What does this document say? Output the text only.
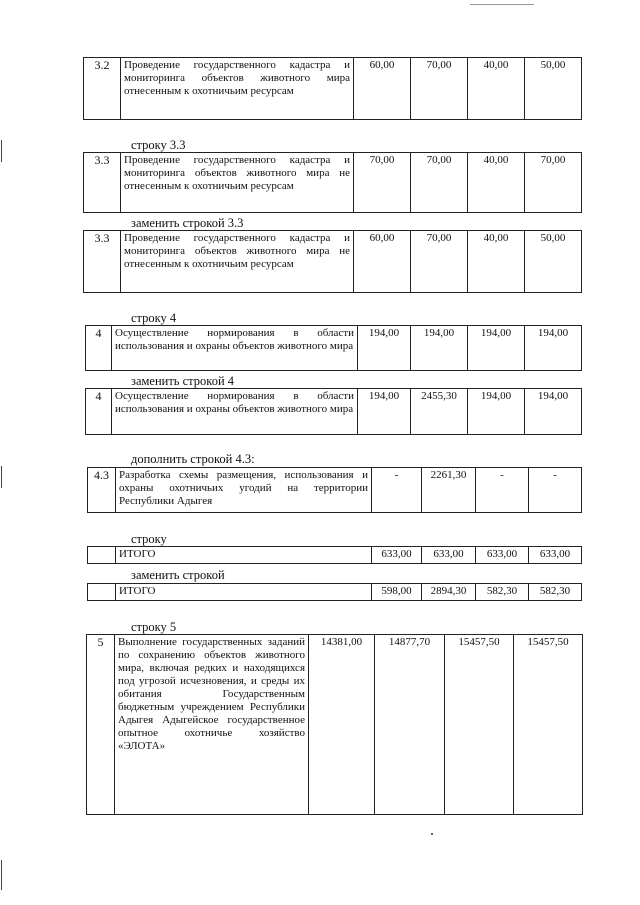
3.2	Проведение государственного кадастра и мониторинга объектов животного мира отнесенным к охотничьим ресурсам	60,00	70,00	40,00	50,00
строку 3.3
3.3	Проведение государственного кадастра и мониторинга объектов животного мира не отнесенным к охотничьим ресурсам	70,00	70,00	40,00	70,00
заменить строкой 3.3
3.3	Проведение государственного кадастра и мониторинга объектов животного мира не отнесенным к охотничьим ресурсам	60,00	70,00	40,00	50,00
строку 4
4	Осуществление нормирования в области использования и охраны объектов животного мира	194,00	194,00	194,00	194,00
заменить строкой 4
4	Осуществление нормирования в области использования и охраны объектов животного мира	194,00	2455,30	194,00	194,00
дополнить строкой 4.3:
4.3	Разработка схемы размещения, использования и охраны охотничьих угодий на территории Республики Адыгея	-	2261,30	-	-
строку
	ИТОГО	633,00	633,00	633,00	633,00
заменить строкой
	ИТОГО	598,00	2894,30	582,30	582,30
строку 5
5	Выполнение государственных заданий по сохранению объектов животного мира, включая редких и находящихся под угрозой исчезновения, и среды их обитания Государственным бюджетным учреждением Республики Адыгея Адыгейское государственное опытное охотничье хозяйство «ЭЛОТА»	14381,00	14877,70	15457,50	15457,50
